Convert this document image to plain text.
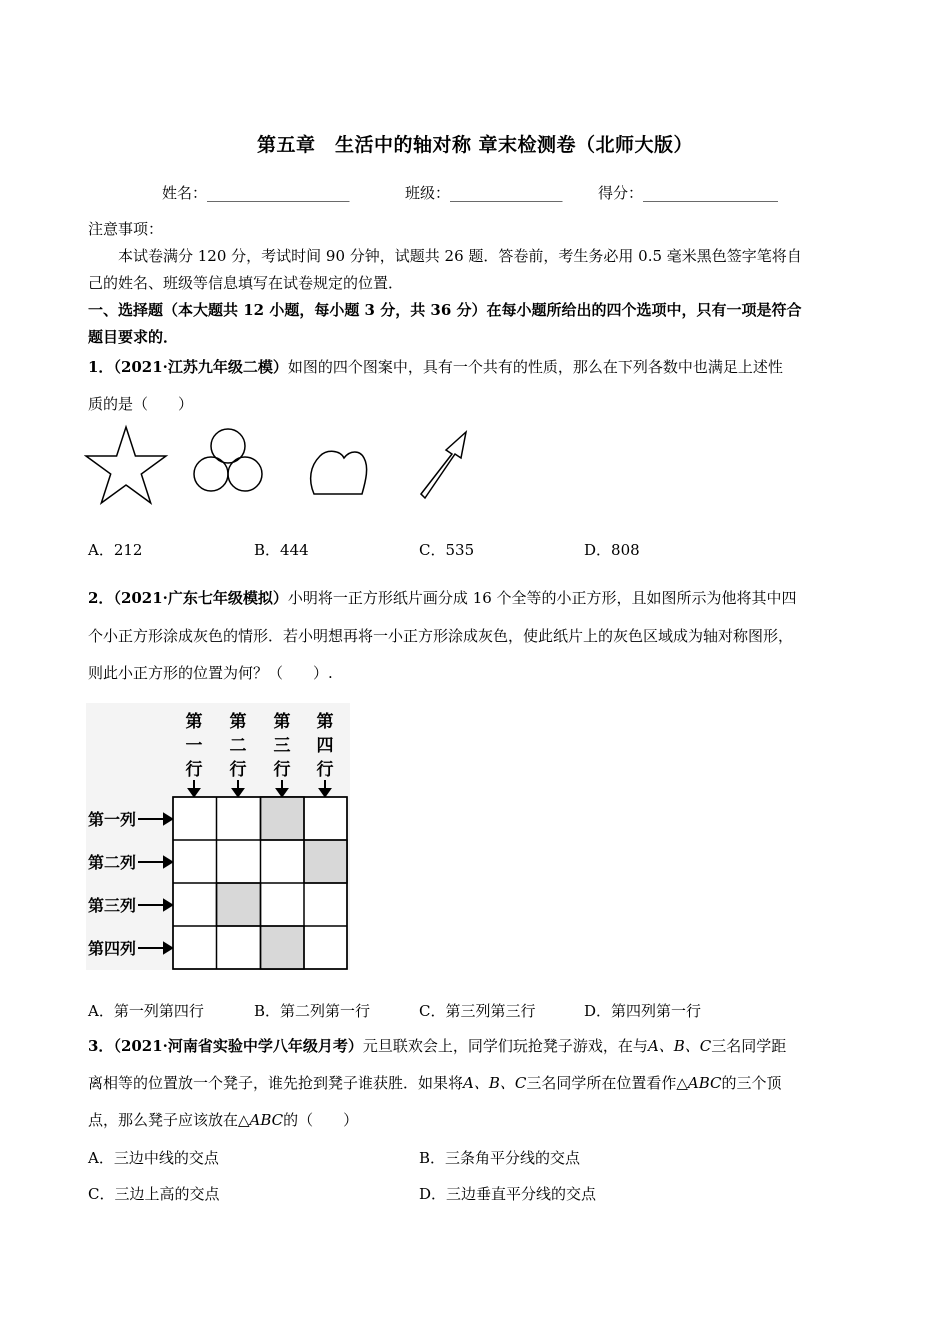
第五章　生活中的轴对称 章末检测卷（北师大版）
姓名：___________________	班级：_______________ 得分：__________________
注意事项：
本试卷满分 120 分，考试时间 90 分钟，试题共 26 题．答卷前，考生务必用 0.5 毫米黑色签字笔将自
己的姓名、班级等信息填写在试卷规定的位置．
一、选择题（本大题共 12 小题，每小题 3 分，共 36 分）在每小题所给出的四个选项中，只有一项是符合
题目要求的．
1．（2021·江苏九年级二模）如图的四个图案中，具有一个共有的性质，那么在下列各数中也满足上述性
质的是（　　）
A．212	B．444	C．535	D．808
2．（2021·广东七年级模拟）小明将一正方形纸片画分成 16 个全等的小正方形，且如图所示为他将其中四
个小正方形涂成灰色的情形．若小明想再将一小正方形涂成灰色，使此纸片上的灰色区域成为轴对称图形，
则此小正方形的位置为何？（　　）.
第
一
行
第
二
行
第
三
行
第
四
行
第一列
第二列
第三列
第四列
A．第一列第四行	B．第二列第一行	C．第三列第三行	D．第四列第一行
3．（2021·河南省实验中学八年级月考）元旦联欢会上，同学们玩抢凳子游戏，在与A、B、C三名同学距
离相等的位置放一个凳子，谁先抢到凳子谁获胜．如果将A、B、C三名同学所在位置看作△ABC的三个顶
点，那么凳子应该放在△ABC的（　　）
A．三边中线的交点	B．三条角平分线的交点
C．三边上高的交点	D．三边垂直平分线的交点
